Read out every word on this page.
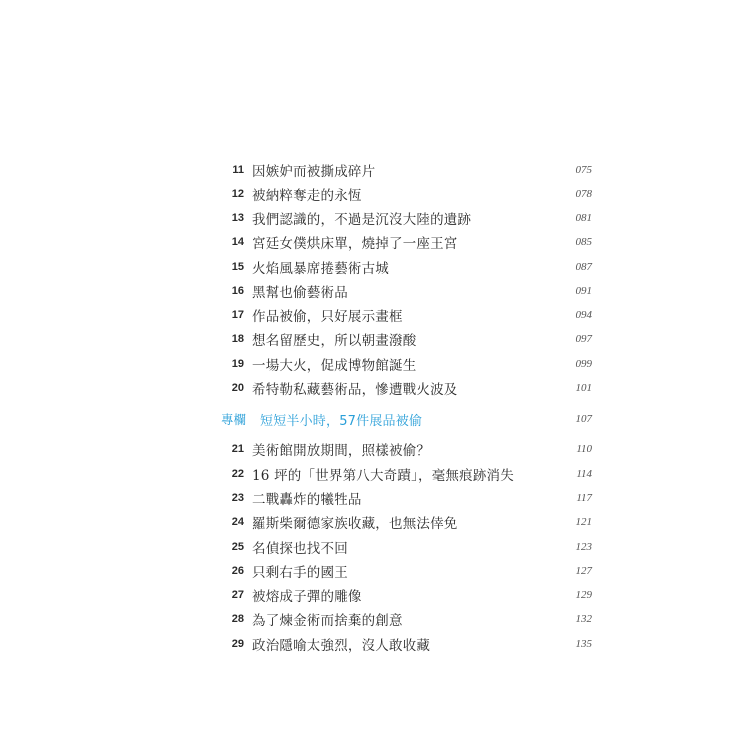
11 因嫉妒而被撕成碎片	075
12 被納粹奪走的永恆	078
13 我們認識的，不過是沉沒大陸的遺跡	081
14 宮廷女僕烘床單，燒掉了一座王宮	085
15 火焰風暴席捲藝術古城	087
16 黑幫也偷藝術品	091
17 作品被偷，只好展示畫框	094
18 想名留歷史，所以朝畫潑酸	097
19 一場大火，促成博物館誕生	099
20 希特勒私藏藝術品，慘遭戰火波及	101
專欄 短短半小時，57件展品被偷	107
21 美術館開放期間，照樣被偷？	110
22 16 坪的「世界第八大奇蹟」，毫無痕跡消失	114
23 二戰轟炸的犧牲品	117
24 羅斯柴爾德家族收藏，也無法倖免	121
25 名偵探也找不回	123
26 只剩右手的國王	127
27 被熔成子彈的雕像	129
28 為了煉金術而捨棄的創意	132
29 政治隱喻太強烈，沒人敢收藏	135
